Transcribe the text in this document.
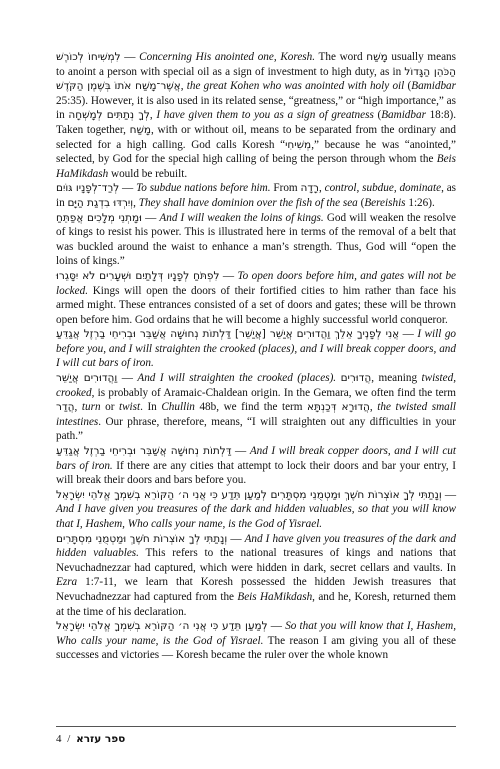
לִמְשִׁיחוֹ לְכוֹרֶשׁ — Concerning His anointed one, Koresh. The word מָשַׁח usually means to anoint a person with special oil as a sign of investment to high duty, as in הַכֹּהֵן הַגָּדוֹל אֲשֶׁר־מָשַׁח אֹתוֹ בְּשֶׁמֶן הַקֹּדֶשׁ, the great Kohen who was anointed with holy oil (Bamidbar 25:35). However, it is also used in its related sense, “greatness,” or “high importance,” as in לְךָ נְתַתִּים לְמָשְׁחָה, I have given them to you as a sign of greatness (Bamidbar 18:8). Taken together, מָשַׁח, with or without oil, means to be separated from the ordinary and selected for a high calling. God calls Koresh “מְשִׁיחִי,” because he was “anointed,” selected, by God for the special high calling of being the person through whom the Beis HaMikdash would be rebuilt.

לְרַד־לְפָנָיו גּוֹיִם — To subdue nations before him. From רָדָה, control, subdue, dominate, as in וְיִרְדּוּ בִדְגַת הַיָּם, They shall have dominion over the fish of the sea (Bereishis 1:26).

וּמָתְנֵי מְלָכִים אֲפַתֵּחַ — And I will weaken the loins of kings. God will weaken the resolve of kings to resist his power. This is illustrated here in terms of the removal of a belt that was buckled around the waist to enhance a man’s strength. Thus, God will “open the loins of kings.”

לִפְתֹּחַ לְפָנָיו דְּלָתַיִם וּשְׁעָרִים לֹא יִסָּגֵרוּ — To open doors before him, and gates will not be locked. Kings will open the doors of their fortified cities to him rather than face his armed might. These entrances consisted of a set of doors and gates; these will be thrown open before him. God ordains that he will become a highly successful world conqueror.

אֲנִי לְפָנֶיךָ אֵלֵךְ וַהֲדוּרִים אֲיַשֵּׁר [אֲיַשֵּׁר] דַּלְתוֹת נְחוּשָׁה אֲשַׁבֵּר וּבְרִיחֵי בַרְזֶל אֲגַדֵּעַ — I will go before you, and I will straighten the crooked (places), and I will break copper doors, and I will cut bars of iron.

וַהֲדוּרִים אֲיַשֵּׁר — And I will straighten the crooked (places). הֲדוּרִים, meaning twisted, crooked, is probably of Aramaic-Chaldean origin. In the Gemara, we often find the term הֲדַר, turn or twist. In Chullin 48b, we find the term הֲדוּרָא דְּכַנְתָּא, the twisted small intestines. Our phrase, therefore, means, “I will straighten out any difficulties in your path.”

דַּלְתוֹת נְחוּשָׁה אֲשַׁבֵּר וּבְרִיחֵי בַרְזֶל אֲגַדֵּעַ — And I will break copper doors, and I will cut bars of iron. If there are any cities that attempt to lock their doors and bar your entry, I will break their doors and bars before you.

וְנָתַתִּי לְךָ אוֹצְרוֹת חֹשֶׁךְ וּמַטְמֻנֵי מִסְתָּרִים לְמַעַן תֵּדַע כִּי אֲנִי ה׳ הַקּוֹרֵא בְשִׁמְךָ אֱלֹהֵי יִשְׂרָאֵל — And I have given you treasures of the dark and hidden valuables, so that you will know that I, Hashem, Who calls your name, is the God of Yisrael.

וְנָתַתִּי לְךָ אוֹצְרוֹת חֹשֶׁךְ וּמַטְמֻנֵי מִסְתָּרִים — And I have given you treasures of the dark and hidden valuables. This refers to the national treasures of kings and nations that Nevuchadnezzar had captured, which were hidden in dark, secret cellars and vaults. In Ezra 1:7-11, we learn that Koresh possessed the hidden Jewish treasures that Nevuchadnezzar had captured from the Beis HaMikdash, and he, Koresh, returned them at the time of his declaration.

לְמַעַן תֵּדַע כִּי אֲנִי ה׳ הַקּוֹרֵא בְשִׁמְךָ אֱלֹהֵי יִשְׂרָאֵל — So that you will know that I, Hashem, Who calls your name, is the God of Yisrael. The reason I am giving you all of these successes and victories — Koresh became the ruler over the whole known

4 / ספר עזרא
